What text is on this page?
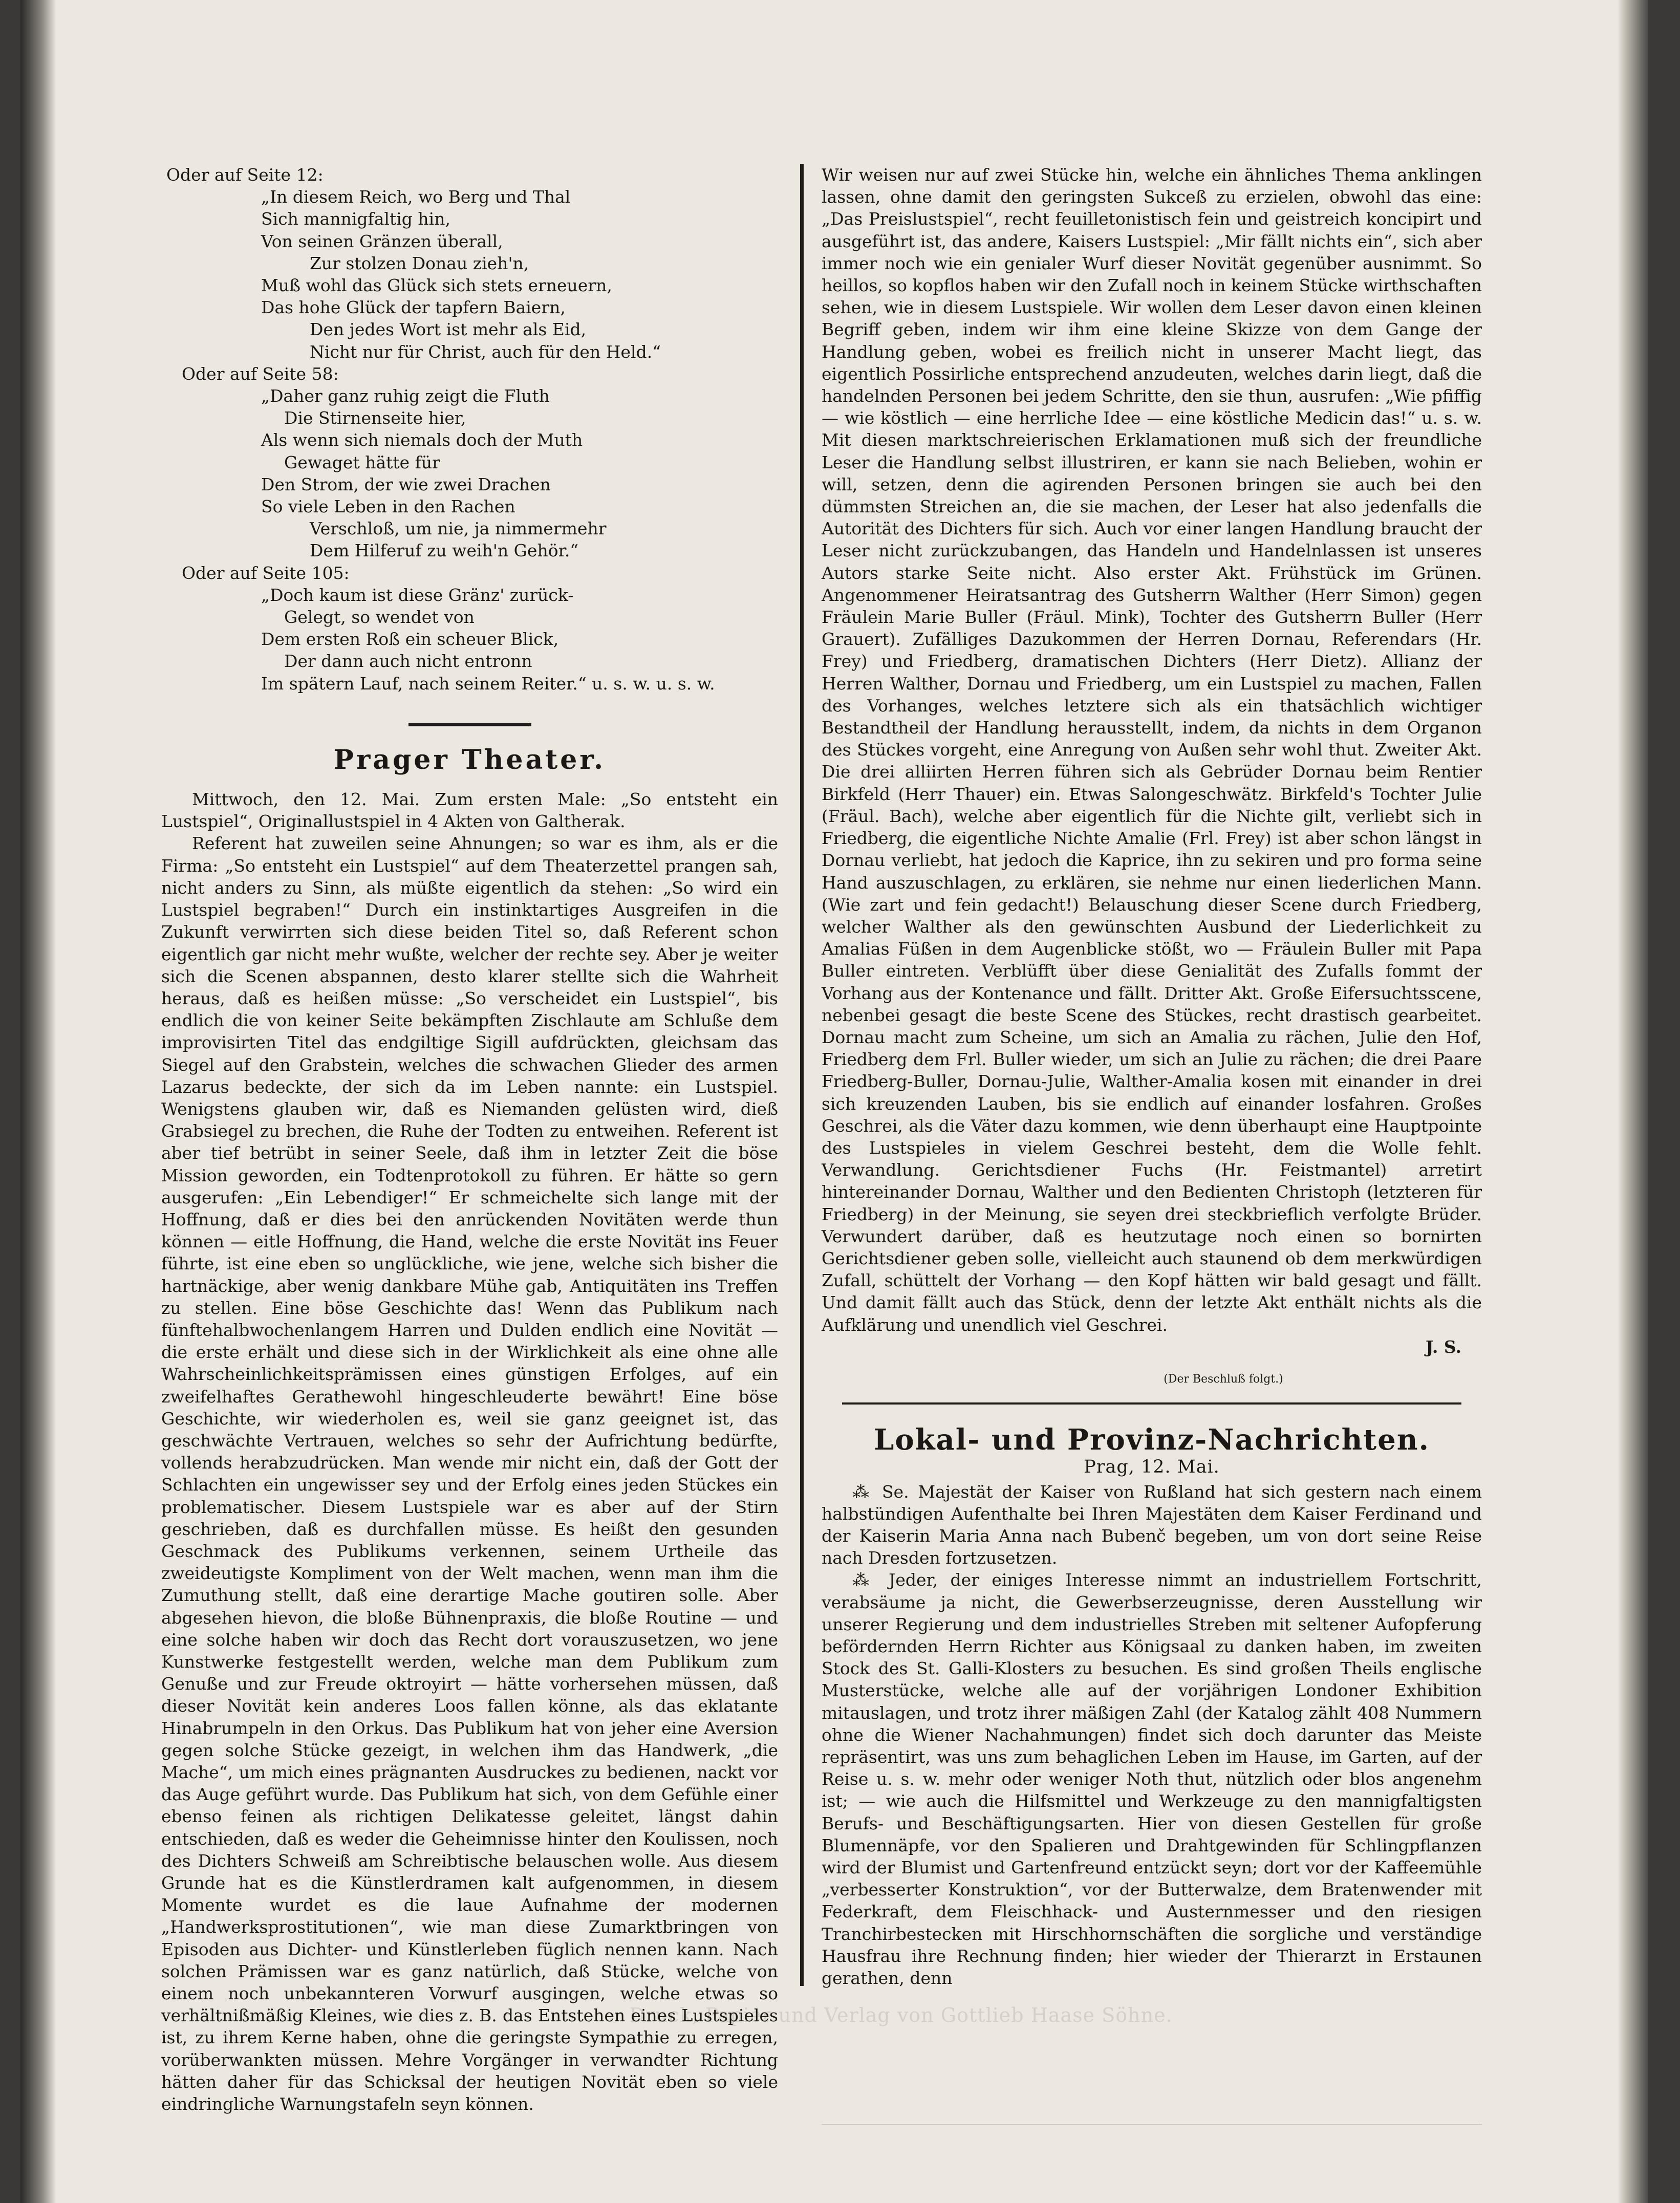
Oder auf Seite 12:

„In diesem Reich, wo Berg und Thal

Sich mannigfaltig hin,

Von seinen Gränzen überall,

Zur stolzen Donau zieh'n,

Muß wohl das Glück sich stets erneuern,

Das hohe Glück der tapfern Baiern,

Den jedes Wort ist mehr als Eid,

Nicht nur für Christ, auch für den Held.“

Oder auf Seite 58:

„Daher ganz ruhig zeigt die Fluth

Die Stirnenseite hier,

Als wenn sich niemals doch der Muth

Gewaget hätte für

Den Strom, der wie zwei Drachen

So viele Leben in den Rachen

Verschloß, um nie, ja nimmermehr

Dem Hilferuf zu weih'n Gehör.“

Oder auf Seite 105:

„Doch kaum ist diese Gränz' zurück-

Gelegt, so wendet von

Dem ersten Roß ein scheuer Blick,

Der dann auch nicht entronn

Im spätern Lauf, nach seinem Reiter.“ u. s. w. u. s. w.

Prager Theater.

Mittwoch, den 12. Mai. Zum ersten Male: „So entsteht ein Lustspiel“, Originallustspiel in 4 Akten von Galtherak.

Referent hat zuweilen seine Ahnungen; so war es ihm, als er die Firma: „So entsteht ein Lustspiel“ auf dem Theaterzettel prangen sah, nicht anders zu Sinn, als müßte eigentlich da stehen: „So wird ein Lustspiel begraben!“ Durch ein instinktartiges Ausgreifen in die Zukunft verwirrten sich diese beiden Titel so, daß Referent schon eigentlich gar nicht mehr wußte, welcher der rechte sey. Aber je weiter sich die Scenen abspannen, desto klarer stellte sich die Wahrheit heraus, daß es heißen müsse: „So verscheidet ein Lustspiel“, bis endlich die von keiner Seite bekämpften Zischlaute am Schluße dem improvisirten Titel das endgiltige Sigill aufdrückten, gleichsam das Siegel auf den Grabstein, welches die schwachen Glieder des armen Lazarus bedeckte, der sich da im Leben nannte: ein Lustspiel. Wenigstens glauben wir, daß es Niemanden gelüsten wird, dieß Grabsiegel zu brechen, die Ruhe der Todten zu entweihen. Referent ist aber tief betrübt in seiner Seele, daß ihm in letzter Zeit die böse Mission geworden, ein Todtenprotokoll zu führen. Er hätte so gern ausgerufen: „Ein Lebendiger!“ Er schmeichelte sich lange mit der Hoffnung, daß er dies bei den anrückenden Novitäten werde thun können — eitle Hoffnung, die Hand, welche die erste Novität ins Feuer führte, ist eine eben so unglückliche, wie jene, welche sich bisher die hartnäckige, aber wenig dankbare Mühe gab, Antiquitäten ins Treffen zu stellen. Eine böse Geschichte das! Wenn das Publikum nach fünftehalbwochenlangem Harren und Dulden endlich eine Novität — die erste erhält und diese sich in der Wirklichkeit als eine ohne alle Wahrscheinlichkeitsprämissen eines günstigen Erfolges, auf ein zweifelhaftes Gerathewohl hingeschleuderte bewährt! Eine böse Geschichte, wir wiederholen es, weil sie ganz geeignet ist, das geschwächte Vertrauen, welches so sehr der Aufrichtung bedürfte, vollends herabzudrücken. Man wende mir nicht ein, daß der Gott der Schlachten ein ungewisser sey und der Erfolg eines jeden Stückes ein problematischer. Diesem Lustspiele war es aber auf der Stirn geschrieben, daß es durchfallen müsse. Es heißt den gesunden Geschmack des Publikums verkennen, seinem Urtheile das zweideutigste Kompliment von der Welt machen, wenn man ihm die Zumuthung stellt, daß eine derartige Mache goutiren solle. Aber abgesehen hievon, die bloße Bühnenpraxis, die bloße Routine — und eine solche haben wir doch das Recht dort vorauszusetzen, wo jene Kunstwerke festgestellt werden, welche man dem Publikum zum Genuße und zur Freude oktroyirt — hätte vorhersehen müssen, daß dieser Novität kein anderes Loos fallen könne, als das eklatante Hinabrumpeln in den Orkus. Das Publikum hat von jeher eine Aversion gegen solche Stücke gezeigt, in welchen ihm das Handwerk, „die Mache“, um mich eines prägnanten Ausdruckes zu bedienen, nackt vor das Auge geführt wurde. Das Publikum hat sich, von dem Gefühle einer ebenso feinen als richtigen Delikatesse geleitet, längst dahin entschieden, daß es weder die Geheimnisse hinter den Koulissen, noch des Dichters Schweiß am Schreibtische belauschen wolle. Aus diesem Grunde hat es die Künstlerdramen kalt aufgenommen, in diesem Momente wurdet es die laue Aufnahme der modernen „Handwerksprostitutionen“, wie man diese Zumarktbringen von Episoden aus Dichter- und Künstlerleben füglich nennen kann. Nach solchen Prämissen war es ganz natürlich, daß Stücke, welche von einem noch unbekannteren Vorwurf ausgingen, welche etwas so verhältnißmäßig Kleines, wie dies z. B. das Entstehen eines Lustspieles ist, zu ihrem Kerne haben, ohne die geringste Sympathie zu erregen, vorüberwankten müssen. Mehre Vorgänger in verwandter Richtung hätten daher für das Schicksal der heutigen Novität eben so viele eindringliche Warnungstafeln seyn können.

Wir weisen nur auf zwei Stücke hin, welche ein ähnliches Thema anklingen lassen, ohne damit den geringsten Sukceß zu erzielen, obwohl das eine: „Das Preislustspiel“, recht feuilletonistisch fein und geistreich koncipirt und ausgeführt ist, das andere, Kaisers Lustspiel: „Mir fällt nichts ein“, sich aber immer noch wie ein genialer Wurf dieser Novität gegenüber ausnimmt. So heillos, so kopflos haben wir den Zufall noch in keinem Stücke wirthschaften sehen, wie in diesem Lustspiele. Wir wollen dem Leser davon einen kleinen Begriff geben, indem wir ihm eine kleine Skizze von dem Gange der Handlung geben, wobei es freilich nicht in unserer Macht liegt, das eigentlich Possirliche entsprechend anzudeuten, welches darin liegt, daß die handelnden Personen bei jedem Schritte, den sie thun, ausrufen: „Wie pfiffig — wie köstlich — eine herrliche Idee — eine köstliche Medicin das!“ u. s. w. Mit diesen marktschreierischen Erklamationen muß sich der freundliche Leser die Handlung selbst illustriren, er kann sie nach Belieben, wohin er will, setzen, denn die agirenden Personen bringen sie auch bei den dümmsten Streichen an, die sie machen, der Leser hat also jedenfalls die Autorität des Dichters für sich. Auch vor einer langen Handlung braucht der Leser nicht zurückzubangen, das Handeln und Handelnlassen ist unseres Autors starke Seite nicht. Also erster Akt. Frühstück im Grünen. Angenommener Heiratsantrag des Gutsherrn Walther (Herr Simon) gegen Fräulein Marie Buller (Fräul. Mink), Tochter des Gutsherrn Buller (Herr Grauert). Zufälliges Dazukommen der Herren Dornau, Referendars (Hr. Frey) und Friedberg, dramatischen Dichters (Herr Dietz). Allianz der Herren Walther, Dornau und Friedberg, um ein Lustspiel zu machen, Fallen des Vorhanges, welches letztere sich als ein thatsächlich wichtiger Bestandtheil der Handlung herausstellt, indem, da nichts in dem Organon des Stückes vorgeht, eine Anregung von Außen sehr wohl thut. Zweiter Akt. Die drei alliirten Herren führen sich als Gebrüder Dornau beim Rentier Birkfeld (Herr Thauer) ein. Etwas Salongeschwätz. Birkfeld's Tochter Julie (Fräul. Bach), welche aber eigentlich für die Nichte gilt, verliebt sich in Friedberg, die eigentliche Nichte Amalie (Frl. Frey) ist aber schon längst in Dornau verliebt, hat jedoch die Kaprice, ihn zu sekiren und pro forma seine Hand auszuschlagen, zu erklären, sie nehme nur einen liederlichen Mann. (Wie zart und fein gedacht!) Belauschung dieser Scene durch Friedberg, welcher Walther als den gewünschten Ausbund der Liederlichkeit zu Amalias Füßen in dem Augenblicke stößt, wo — Fräulein Buller mit Papa Buller eintreten. Verblüfft über diese Genialität des Zufalls fommt der Vorhang aus der Kontenance und fällt. Dritter Akt. Große Eifersuchtsscene, nebenbei gesagt die beste Scene des Stückes, recht drastisch gearbeitet. Dornau macht zum Scheine, um sich an Amalia zu rächen, Julie den Hof, Friedberg dem Frl. Buller wieder, um sich an Julie zu rächen; die drei Paare Friedberg-Buller, Dornau-Julie, Walther-Amalia kosen mit einander in drei sich kreuzenden Lauben, bis sie endlich auf einander losfahren. Großes Geschrei, als die Väter dazu kommen, wie denn überhaupt eine Hauptpointe des Lustspieles in vielem Geschrei besteht, dem die Wolle fehlt. Verwandlung. Gerichtsdiener Fuchs (Hr. Feistmantel) arretirt hintereinander Dornau, Walther und den Bedienten Christoph (letzteren für Friedberg) in der Meinung, sie seyen drei steckbrieflich verfolgte Brüder. Verwundert darüber, daß es heutzutage noch einen so bornirten Gerichtsdiener geben solle, vielleicht auch staunend ob dem merkwürdigen Zufall, schüttelt der Vorhang — den Kopf hätten wir bald gesagt und fällt. Und damit fällt auch das Stück, denn der letzte Akt enthält nichts als die Aufklärung und unendlich viel Geschrei.

J. S.

(Der Beschluß folgt.)

Lokal- und Provinz-Nachrichten.

Prag, 12. Mai.

⁂ Se. Majestät der Kaiser von Rußland hat sich gestern nach einem halbstündigen Aufenthalte bei Ihren Majestäten dem Kaiser Ferdinand und der Kaiserin Maria Anna nach Bubenč begeben, um von dort seine Reise nach Dresden fortzusetzen.

⁂ Jeder, der einiges Interesse nimmt an industriellem Fortschritt, verabsäume ja nicht, die Gewerbserzeugnisse, deren Ausstellung wir unserer Regierung und dem industrielles Streben mit seltener Aufopferung befördernden Herrn Richter aus Königsaal zu danken haben, im zweiten Stock des St. Galli-Klosters zu besuchen. Es sind großen Theils englische Musterstücke, welche alle auf der vorjährigen Londoner Exhibition mitauslagen, und trotz ihrer mäßigen Zahl (der Katalog zählt 408 Nummern ohne die Wiener Nachahmungen) findet sich doch darunter das Meiste repräsentirt, was uns zum behaglichen Leben im Hause, im Garten, auf der Reise u. s. w. mehr oder weniger Noth thut, nützlich oder blos angenehm ist; — wie auch die Hilfsmittel und Werkzeuge zu den mannigfaltigsten Berufs- und Beschäftigungsarten. Hier von diesen Gestellen für große Blumennäpfe, vor den Spalieren und Drahtgewinden für Schlingpflanzen wird der Blumist und Gartenfreund entzückt seyn; dort vor der Kaffeemühle „verbesserter Konstruktion“, vor der Butterwalze, dem Bratenwender mit Federkraft, dem Fleischhack- und Austernmesser und den riesigen Tranchirbestecken mit Hirschhornschäften die sorgliche und verständige Hausfrau ihre Rechnung finden; hier wieder der Thierarzt in Erstaunen gerathen, denn

Druck, Papier und Verlag von Gottlieb Haase Söhne.
